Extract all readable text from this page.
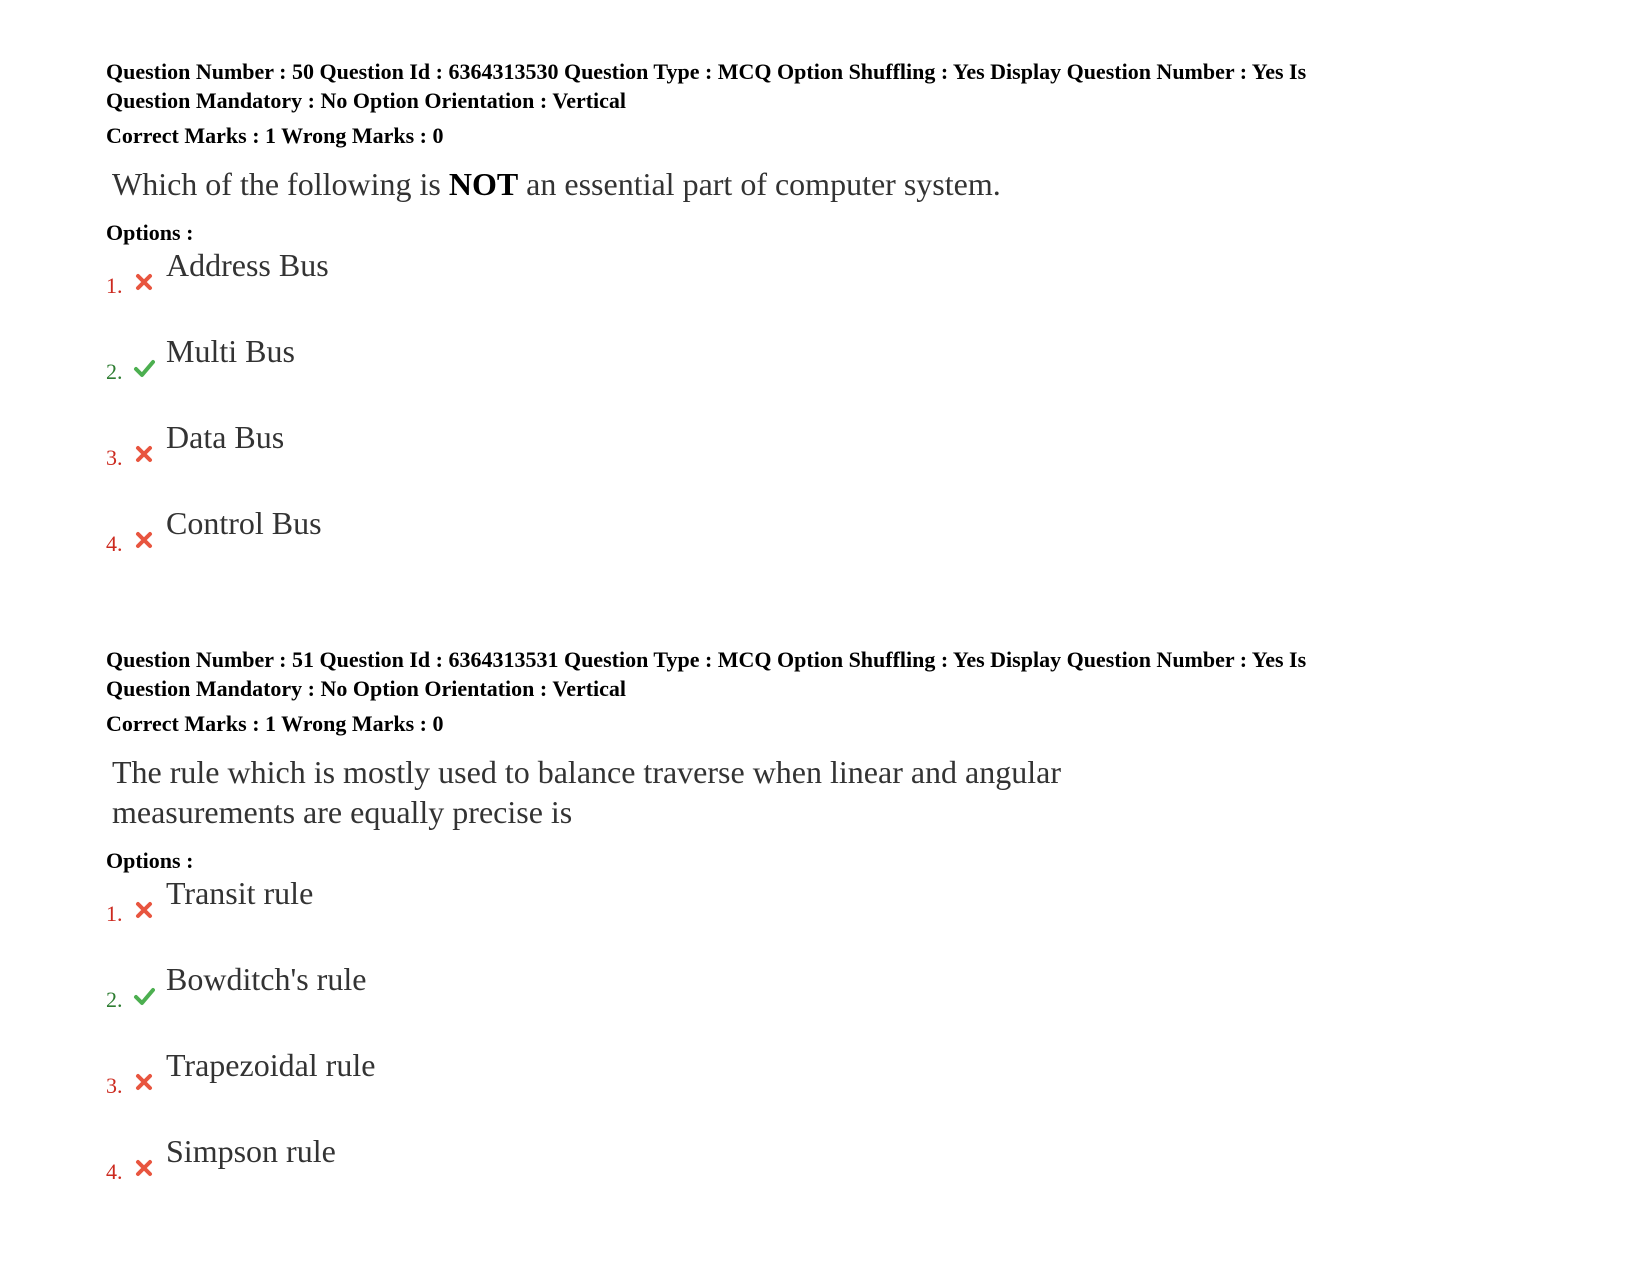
Question Number : 50 Question Id : 6364313530 Question Type : MCQ Option Shuffling : Yes Display Question Number : Yes Is
Question Mandatory : No Option Orientation : Vertical
Correct Marks : 1 Wrong Marks : 0
Which of the following is NOT an essential part of computer system.
Options :
1.
Address Bus
2.
Multi Bus
3.
Data Bus
4.
Control Bus
Question Number : 51 Question Id : 6364313531 Question Type : MCQ Option Shuffling : Yes Display Question Number : Yes Is
Question Mandatory : No Option Orientation : Vertical
Correct Marks : 1 Wrong Marks : 0
The rule which is mostly used to balance traverse when linear and angular
measurements are equally precise is
Options :
1.
Transit rule
2.
Bowditch's rule
3.
Trapezoidal rule
4.
Simpson rule
